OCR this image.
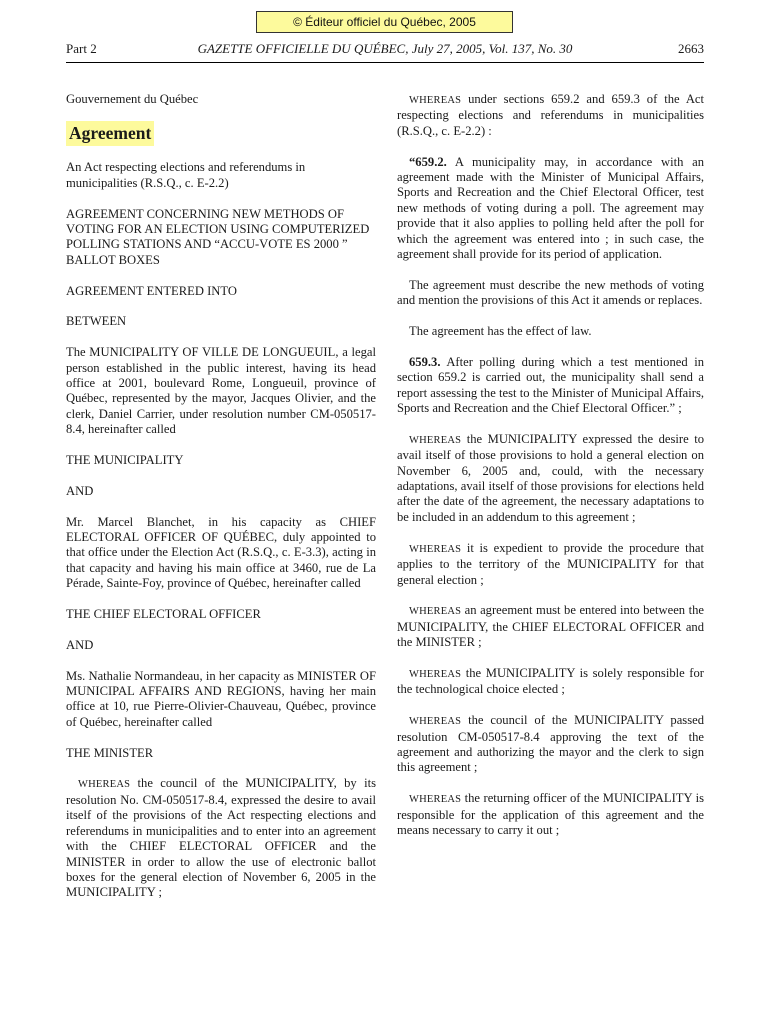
© Éditeur officiel du Québec, 2005
Part 2	GAZETTE OFFICIELLE DU QUÉBEC, July 27, 2005, Vol. 137, No. 30	2663

Gouvernement du Québec

Agreement

An Act respecting elections and referendums in municipalities (R.S.Q., c. E-2.2)

AGREEMENT CONCERNING NEW METHODS OF VOTING FOR AN ELECTION USING COMPUTERIZED POLLING STATIONS AND “ACCU-VOTE ES 2000 ” BALLOT BOXES

AGREEMENT ENTERED INTO

BETWEEN

The MUNICIPALITY OF VILLE DE LONGUEUIL, a legal person established in the public interest, having its head office at 2001, boulevard Rome, Longueuil, province of Québec, represented by the mayor, Jacques Olivier, and the clerk, Daniel Carrier, under resolution number CM-050517-8.4, hereinafter called

THE MUNICIPALITY

AND

Mr. Marcel Blanchet, in his capacity as CHIEF ELECTORAL OFFICER OF QUÉBEC, duly appointed to that office under the Election Act (R.S.Q., c. E-3.3), acting in that capacity and having his main office at 3460, rue de La Pérade, Sainte-Foy, province of Québec, hereinafter called

THE CHIEF ELECTORAL OFFICER

AND

Ms. Nathalie Normandeau, in her capacity as MINISTER OF MUNICIPAL AFFAIRS AND REGIONS, having her main office at 10, rue Pierre-Olivier-Chauveau, Québec, province of Québec, hereinafter called

THE MINISTER

WHEREAS the council of the MUNICIPALITY, by its resolution No. CM-050517-8.4, expressed the desire to avail itself of the provisions of the Act respecting elections and referendums in municipalities and to enter into an agreement with the CHIEF ELECTORAL OFFICER and the MINISTER in order to allow the use of electronic ballot boxes for the general election of November 6, 2005 in the MUNICIPALITY ;

WHEREAS under sections 659.2 and 659.3 of the Act respecting elections and referendums in municipalities (R.S.Q., c. E-2.2) :

“659.2. A municipality may, in accordance with an agreement made with the Minister of Municipal Affairs, Sports and Recreation and the Chief Electoral Officer, test new methods of voting during a poll. The agreement may provide that it also applies to polling held after the poll for which the agreement was entered into ; in such case, the agreement shall provide for its period of application.

The agreement must describe the new methods of voting and mention the provisions of this Act it amends or replaces.

The agreement has the effect of law.

659.3. After polling during which a test mentioned in section 659.2 is carried out, the municipality shall send a report assessing the test to the Minister of Municipal Affairs, Sports and Recreation and the Chief Electoral Officer.” ;

WHEREAS the MUNICIPALITY expressed the desire to avail itself of those provisions to hold a general election on November 6, 2005 and, could, with the necessary adaptations, avail itself of those provisions for elections held after the date of the agreement, the necessary adaptations to be included in an addendum to this agreement ;

WHEREAS it is expedient to provide the procedure that applies to the territory of the MUNICIPALITY for that general election ;

WHEREAS an agreement must be entered into between the MUNICIPALITY, the CHIEF ELECTORAL OFFICER and the MINISTER ;

WHEREAS the MUNICIPALITY is solely responsible for the technological choice elected ;

WHEREAS the council of the MUNICIPALITY passed resolution CM-050517-8.4 approving the text of the agreement and authorizing the mayor and the clerk to sign this agreement ;

WHEREAS the returning officer of the MUNICIPALITY is responsible for the application of this agreement and the means necessary to carry it out ;
